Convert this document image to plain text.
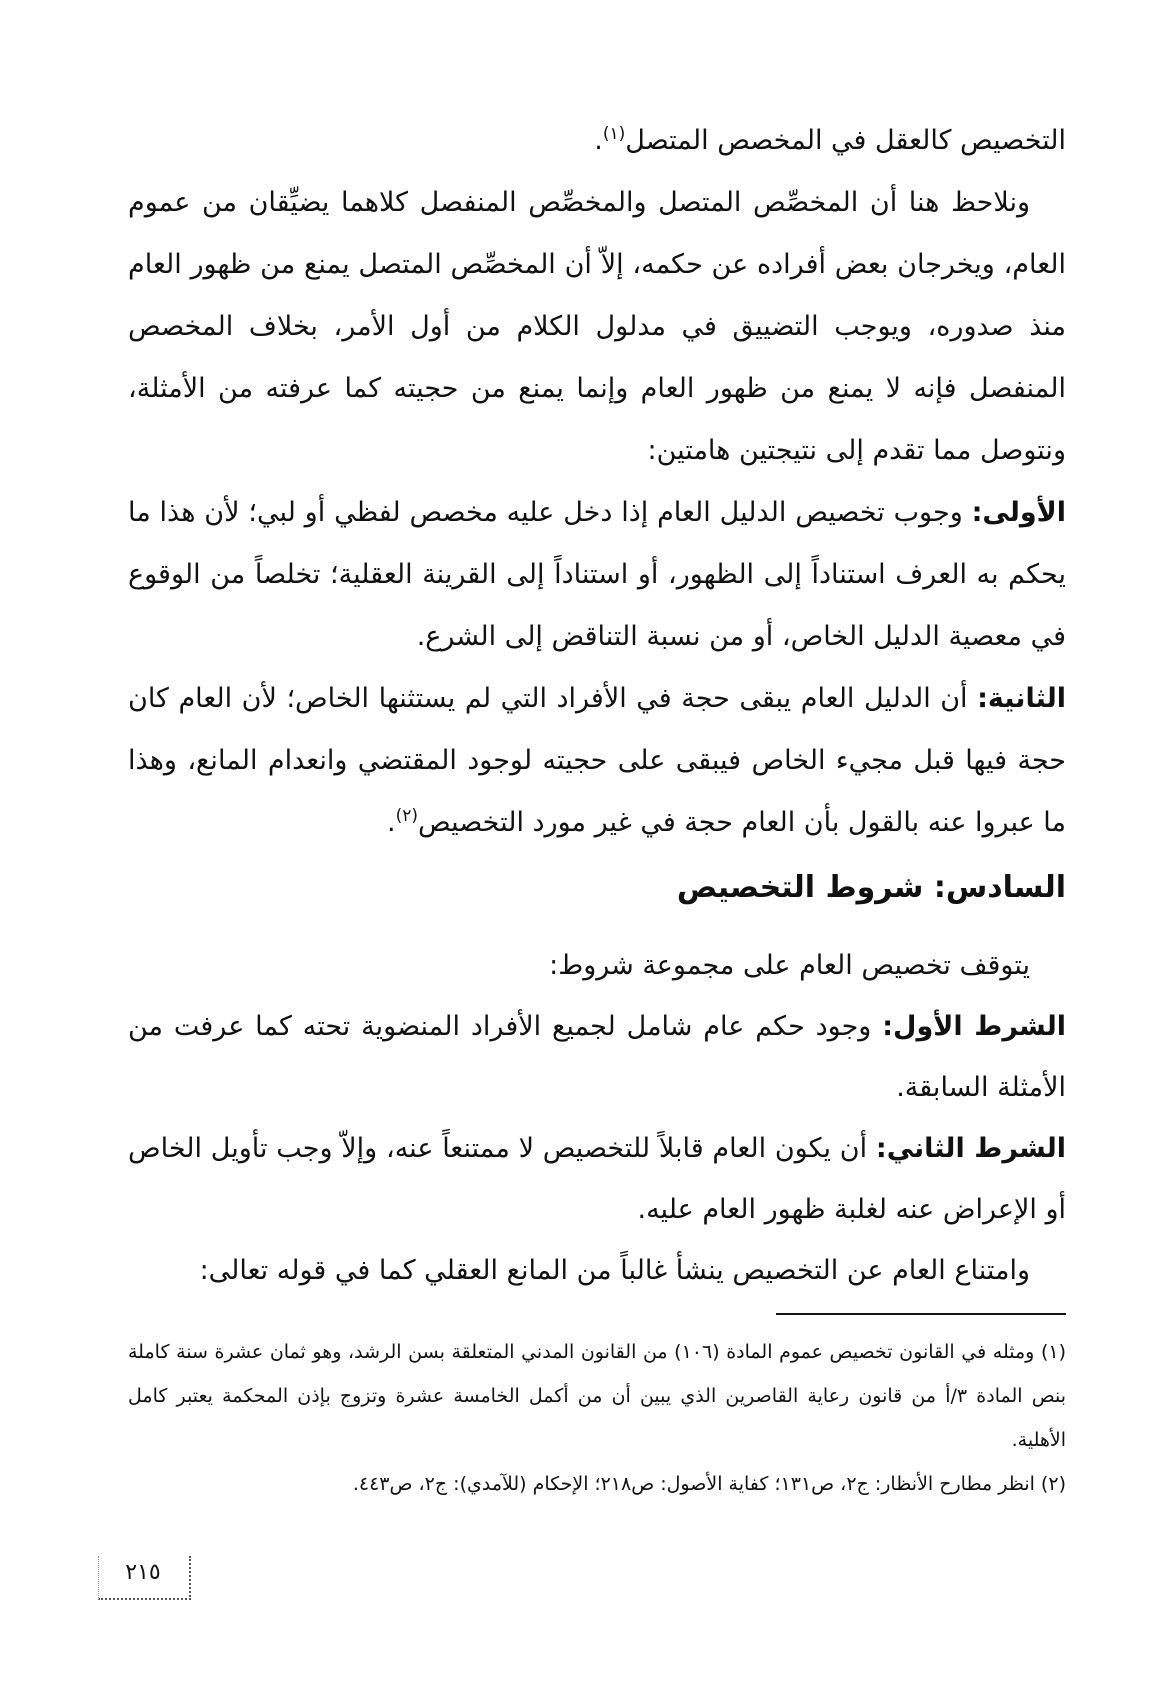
التخصيص كالعقل في المخصص المتصل$^{(١)}$.

ونلاحظ هنا أن المخصِّص المتصل والمخصِّص المنفصل كلاهما يضيِّقان من عموم العام، ويخرجان بعض أفراده عن حكمه، إلاّ أن المخصِّص المتصل يمنع من ظهور العام منذ صدوره، ويوجب التضييق في مدلول الكلام من أول الأمر، بخلاف المخصص المنفصل فإنه لا يمنع من ظهور العام وإنما يمنع من حجيته كما عرفته من الأمثلة، ونتوصل مما تقدم إلى نتيجتين هامتين:

الأولى: وجوب تخصيص الدليل العام إذا دخل عليه مخصص لفظي أو لبي؛ لأن هذا ما يحكم به العرف استناداً إلى الظهور، أو استناداً إلى القرينة العقلية؛ تخلصاً من الوقوع في معصية الدليل الخاص، أو من نسبة التناقض إلى الشرع.

الثانية: أن الدليل العام يبقى حجة في الأفراد التي لم يستثنها الخاص؛ لأن العام كان حجة فيها قبل مجيء الخاص فيبقى على حجيته لوجود المقتضي وانعدام المانع، وهذا ما عبروا عنه بالقول بأن العام حجة في غير مورد التخصيص$^{(٢)}$.

السادس: شروط التخصيص

يتوقف تخصيص العام على مجموعة شروط:

الشرط الأول: وجود حكم عام شامل لجميع الأفراد المنضوية تحته كما عرفت من الأمثلة السابقة.

الشرط الثاني: أن يكون العام قابلاً للتخصيص لا ممتنعاً عنه، وإلاّ وجب تأويل الخاص أو الإعراض عنه لغلبة ظهور العام عليه.

وامتناع العام عن التخصيص ينشأ غالباً من المانع العقلي كما في قوله تعالى:

(١) ومثله في القانون تخصيص عموم المادة (١٠٦) من القانون المدني المتعلقة بسن الرشد، وهو ثمان عشرة سنة كاملة بنص المادة ٣/أ من قانون رعاية القاصرين الذي يبين أن من أكمل الخامسة عشرة وتزوج بإذن المحكمة يعتبر كامل الأهلية.

(٢) انظر مطارح الأنظار: ج٢، ص١٣١؛ كفاية الأصول: ص٢١٨؛ الإحكام (للآمدي): ج٢، ص٤٤٣.

٢١٥
